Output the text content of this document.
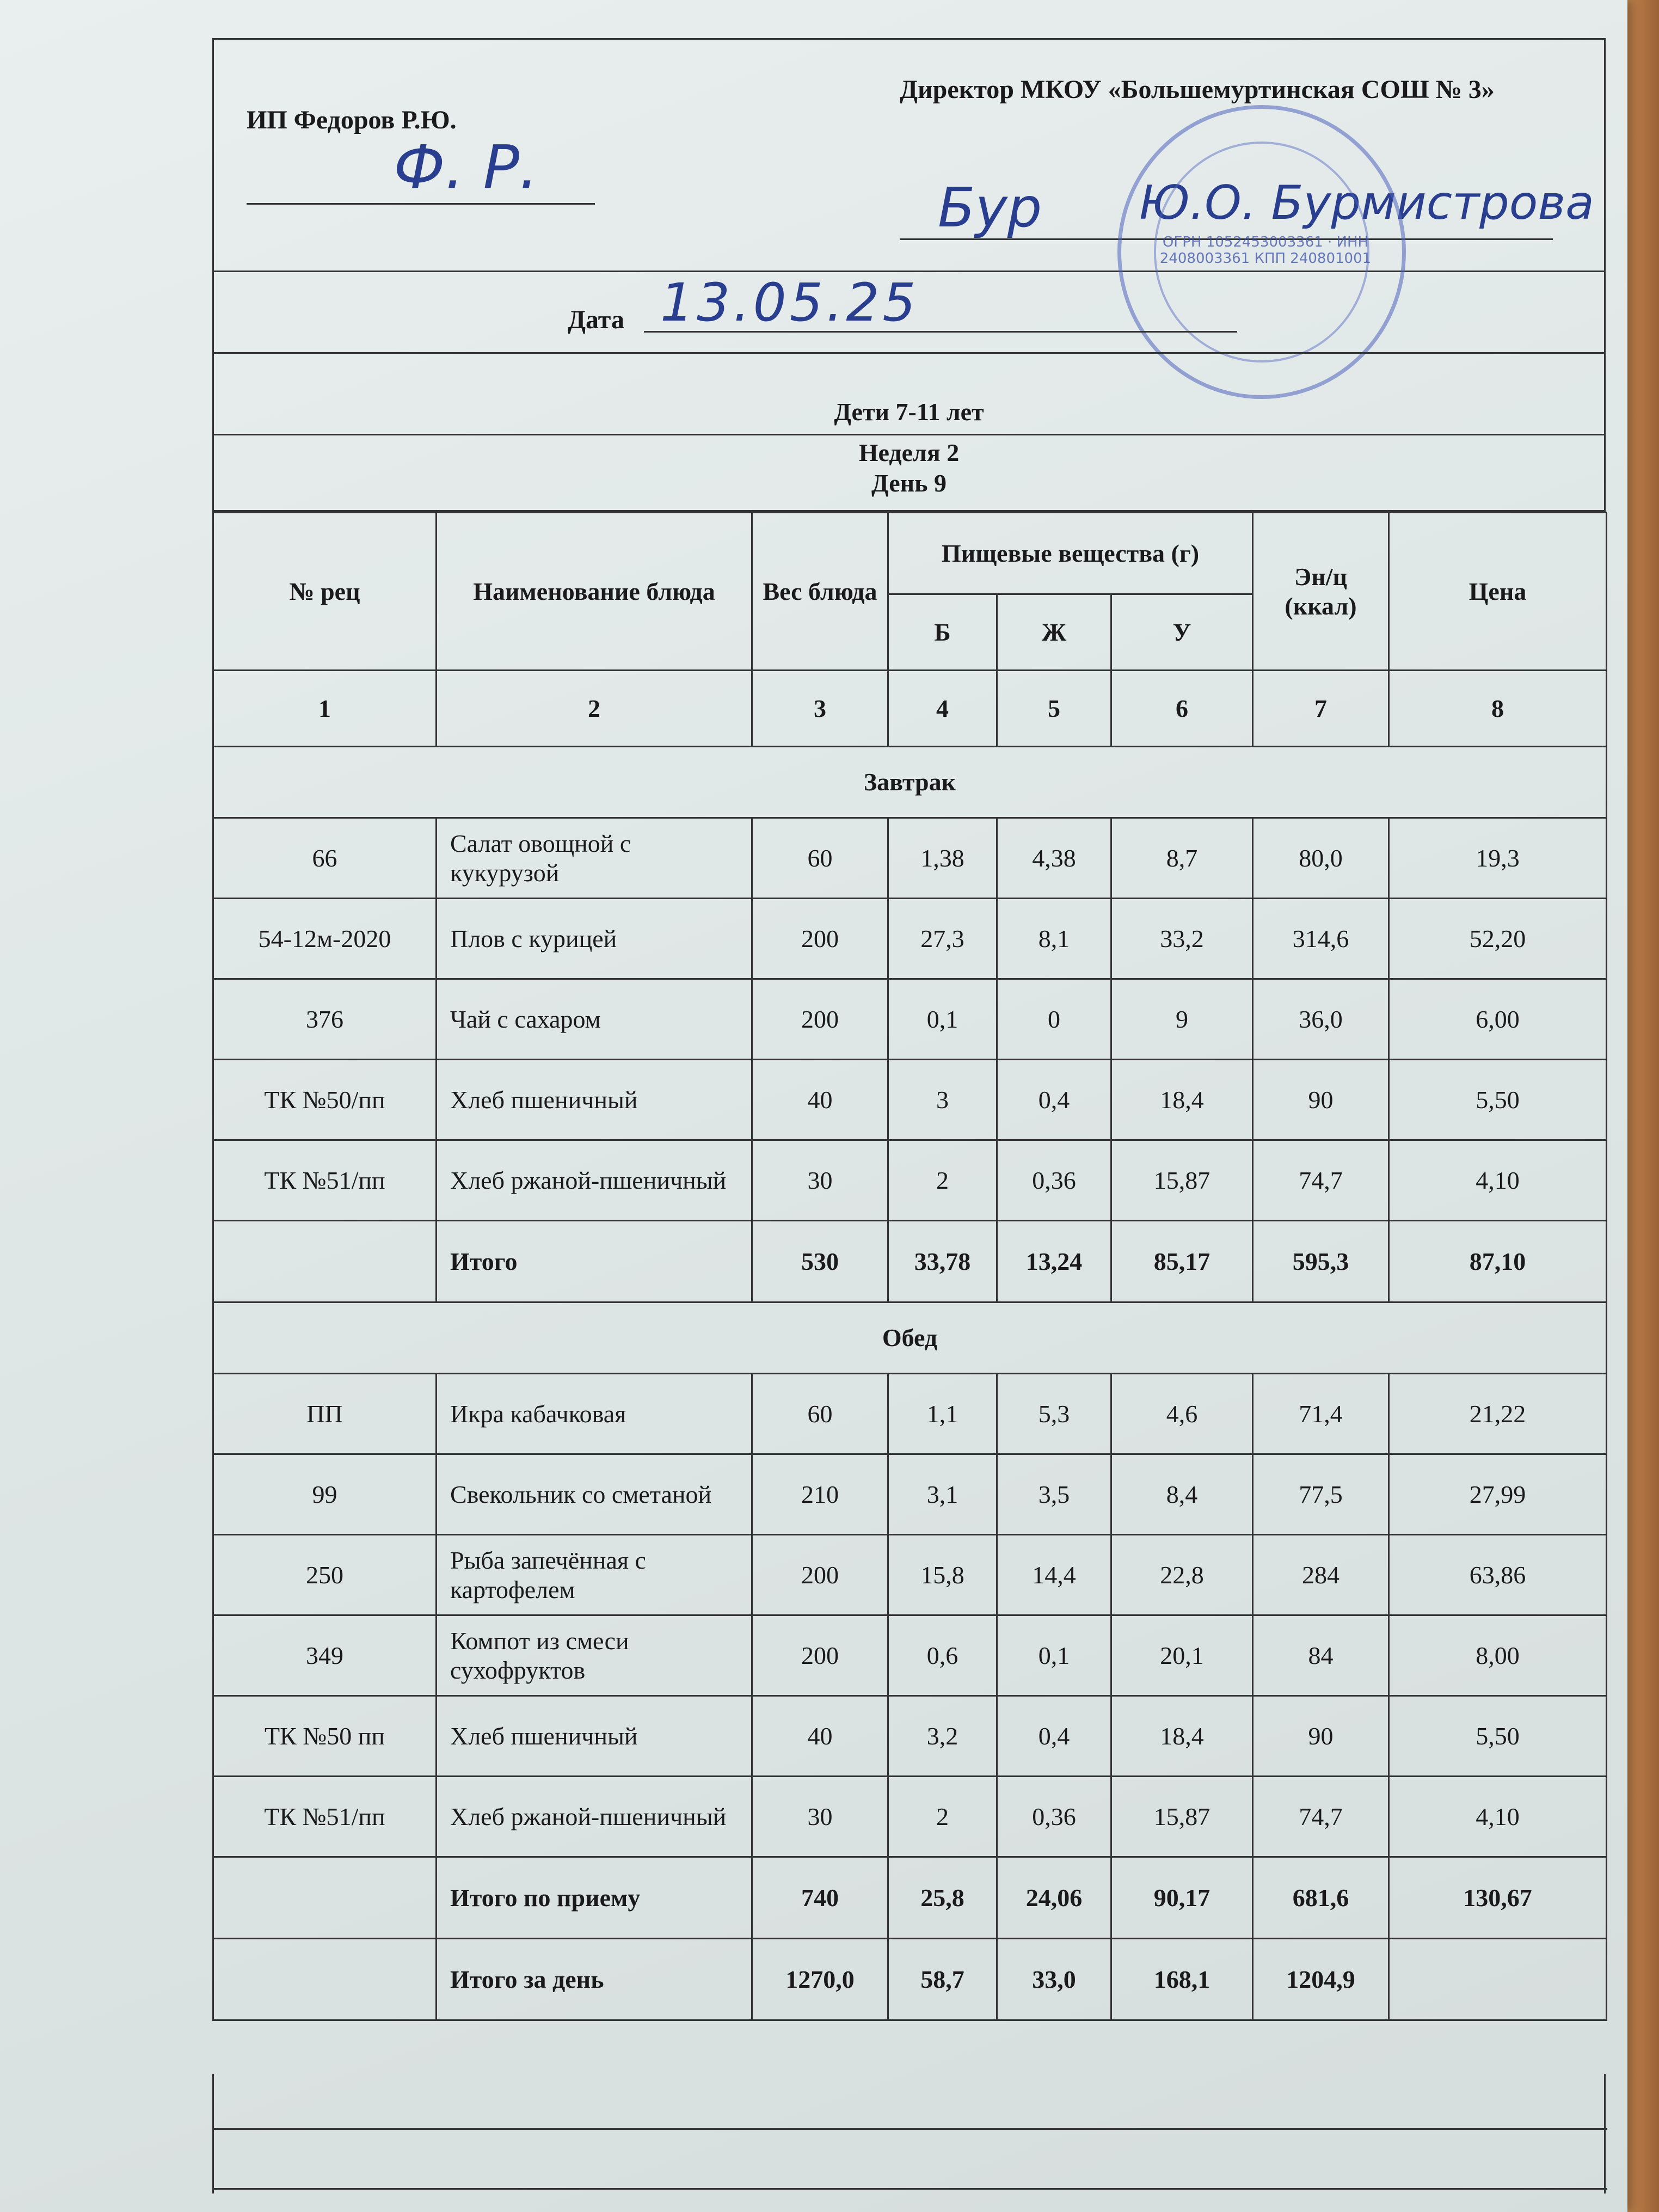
ИП Федоров Р.Ю.
Ф. Р.
Директор МКОУ «Большемуртинская СОШ № 3»
Бур Ю.О. Бурмистрова
ОГРН 1052453003361 · ИНН 2408003361 КПП 240801001
Дата 13.05.25
Дети 7-11 лет
Неделя 2
День 9
№ рец	Наименование блюда	Вес блюда	Пищевые вещества (г)			Эн/ц (ккал)	Цена
			Б	Ж	У		
1	2	3	4	5	6	7	8
Завтрак							
66	Салат овощной с кукурузой	60	1,38	4,38	8,7	80,0	19,3
54-12м-2020	Плов с курицей	200	27,3	8,1	33,2	314,6	52,20
376	Чай с сахаром	200	0,1	0	9	36,0	6,00
ТК №50/пп	Хлеб пшеничный	40	3	0,4	18,4	90	5,50
ТК №51/пп	Хлеб ржаной-пшеничный	30	2	0,36	15,87	74,7	4,10
	Итого	530	33,78	13,24	85,17	595,3	87,10
Обед							
ПП	Икра кабачковая	60	1,1	5,3	4,6	71,4	21,22
99	Свекольник со сметаной	210	3,1	3,5	8,4	77,5	27,99
250	Рыба запечённая с картофелем	200	15,8	14,4	22,8	284	63,86
349	Компот из смеси сухофруктов	200	0,6	0,1	20,1	84	8,00
ТК №50 пп	Хлеб пшеничный	40	3,2	0,4	18,4	90	5,50
ТК №51/пп	Хлеб ржаной-пшеничный	30	2	0,36	15,87	74,7	4,10
	Итого по приему	740	25,8	24,06	90,17	681,6	130,67
	Итого за день	1270,0	58,7	33,0	168,1	1204,9	
